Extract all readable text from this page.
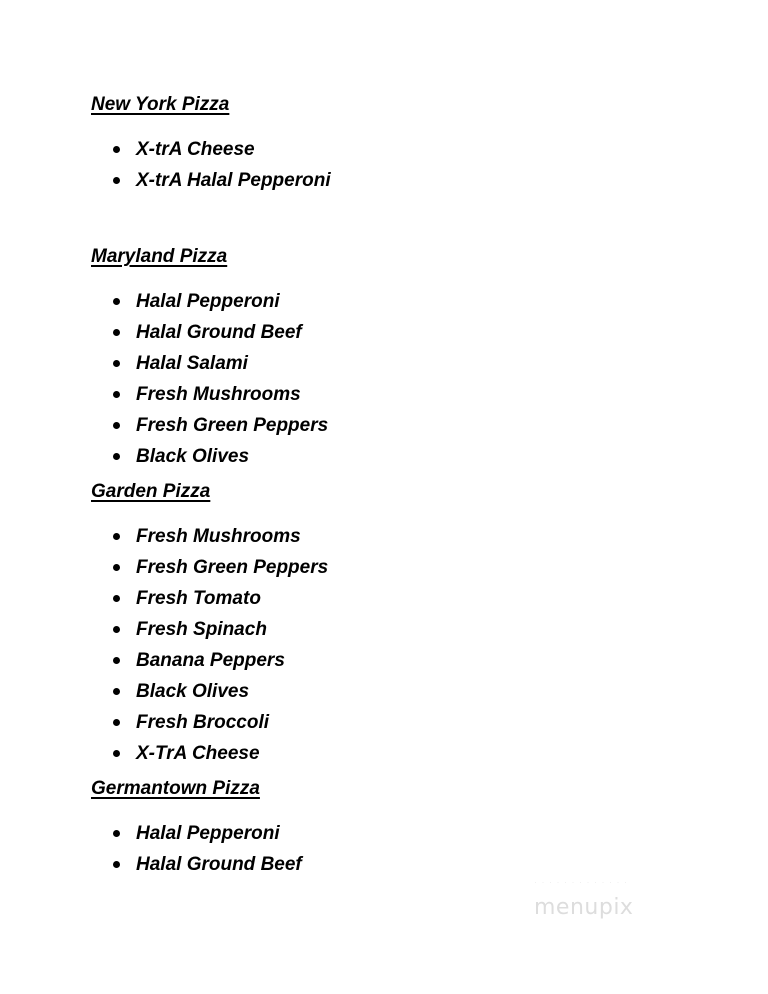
New York Pizza
X-trA Cheese
X-trA Halal Pepperoni
Maryland Pizza
Halal Pepperoni
Halal Ground Beef
Halal Salami
Fresh Mushrooms
Fresh Green Peppers
Black Olives
Garden Pizza
Fresh Mushrooms
Fresh Green Peppers
Fresh Tomato
Fresh Spinach
Banana Peppers
Black Olives
Fresh Broccoli
X-TrA Cheese
Germantown Pizza
Halal Pepperoni
Halal Ground Beef
· · · · · · · · · · · · ·
menupix
